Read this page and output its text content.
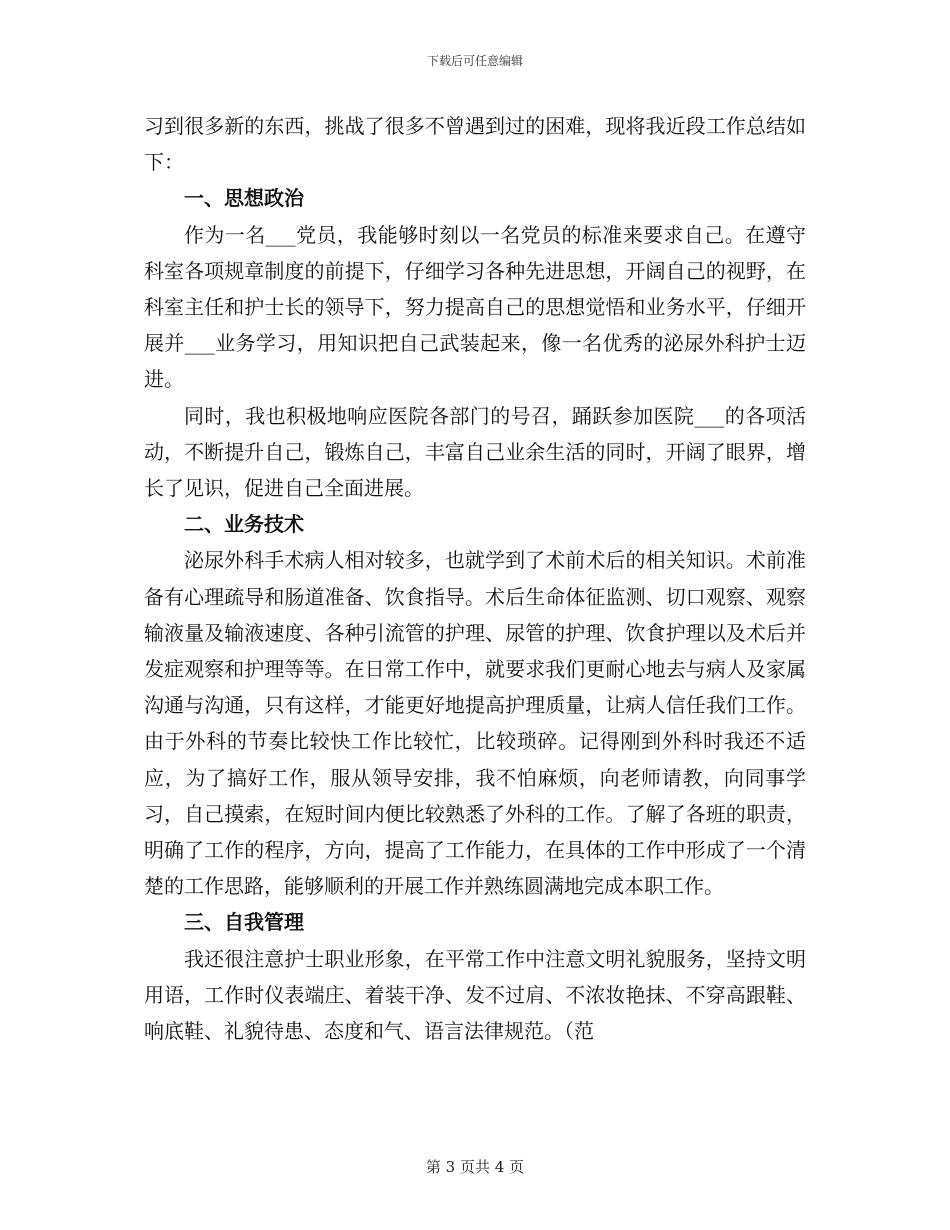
下载后可任意编辑

习到很多新的东西，挑战了很多不曾遇到过的困难，现将我近段工作总结如下：

一、思想政治

作为一名___党员，我能够时刻以一名党员的标准来要求自己。在遵守科室各项规章制度的前提下，仔细学习各种先进思想，开阔自己的视野，在科室主任和护士长的领导下，努力提高自己的思想觉悟和业务水平，仔细开展并___业务学习，用知识把自己武装起来，像一名优秀的泌尿外科护士迈进。

同时，我也积极地响应医院各部门的号召，踊跃参加医院___的各项活动，不断提升自己，锻炼自己，丰富自己业余生活的同时，开阔了眼界，增长了见识，促进自己全面进展。

二、业务技术

泌尿外科手术病人相对较多，也就学到了术前术后的相关知识。术前准备有心理疏导和肠道准备、饮食指导。术后生命体征监测、切口观察、观察输液量及输液速度、各种引流管的护理、尿管的护理、饮食护理以及术后并发症观察和护理等等。在日常工作中，就要求我们更耐心地去与病人及家属沟通与沟通，只有这样，才能更好地提高护理质量，让病人信任我们工作。由于外科的节奏比较快工作比较忙，比较琐碎。记得刚到外科时我还不适应，为了搞好工作，服从领导安排，我不怕麻烦，向老师请教，向同事学习，自己摸索，在短时间内便比较熟悉了外科的工作。了解了各班的职责，明确了工作的程序，方向，提高了工作能力，在具体的工作中形成了一个清楚的工作思路，能够顺利的开展工作并熟练圆满地完成本职工作。

三、自我管理

我还很注意护士职业形象，在平常工作中注意文明礼貌服务，坚持文明用语，工作时仪表端庄、着装干净、发不过肩、不浓妆艳抹、不穿高跟鞋、响底鞋、礼貌待患、态度和气、语言法律规范。（范

第 3 页共 4 页
